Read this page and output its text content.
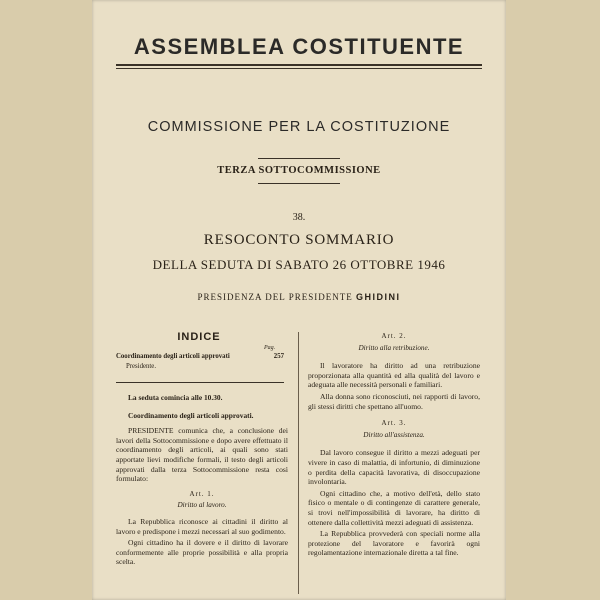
ASSEMBLEA COSTITUENTE
COMMISSIONE PER LA COSTITUZIONE
TERZA SOTTOCOMMISSIONE
38.
RESOCONTO SOMMARIO
DELLA SEDUTA DI SABATO 26 OTTOBRE 1946
PRESIDENZA DEL PRESIDENTE GHIDINI
INDICE
Pag.
Coordinamento degli articoli approvati	257
Presidente.

La seduta comincia alle 10.30.

Coordinamento degli articoli approvati.

PRESIDENTE comunica che, a conclusione dei lavori della Sottocommissione e dopo avere effettuato il coordinamento degli articoli, ai quali sono stati apportate lievi modifiche formali, il testo degli articoli approvati dalla terza Sottocommissione resta così formulato:

Art. 1.

Diritto al lavoro.

La Repubblica riconosce ai cittadini il diritto al lavoro e predispone i mezzi necessari al suo godimento.

Ogni cittadino ha il dovere e il diritto di lavorare conformemente alle proprie possibilità e alla propria scelta.

Art. 2.

Diritto alla retribuzione.

Il lavoratore ha diritto ad una retribuzione proporzionata alla quantità ed alla qualità del lavoro e adeguata alle necessità personali e familiari.

Alla donna sono riconosciuti, nei rapporti di lavoro, gli stessi diritti che spettano all'uomo.

Art. 3.

Diritto all'assistenza.

Dal lavoro consegue il diritto a mezzi adeguati per vivere in caso di malattia, di infortunio, di diminuzione o perdita della capacità lavorativa, di disoccupazione involontaria.

Ogni cittadino che, a motivo dell'età, dello stato fisico o mentale o di contingenze di carattere generale, si trovi nell'impossibilità di lavorare, ha diritto di ottenere dalla collettività mezzi adeguati di assistenza.

La Repubblica provvederà con speciali norme alla protezione del lavoratore e favorirà ogni regolamentazione internazionale diretta a tal fine.
